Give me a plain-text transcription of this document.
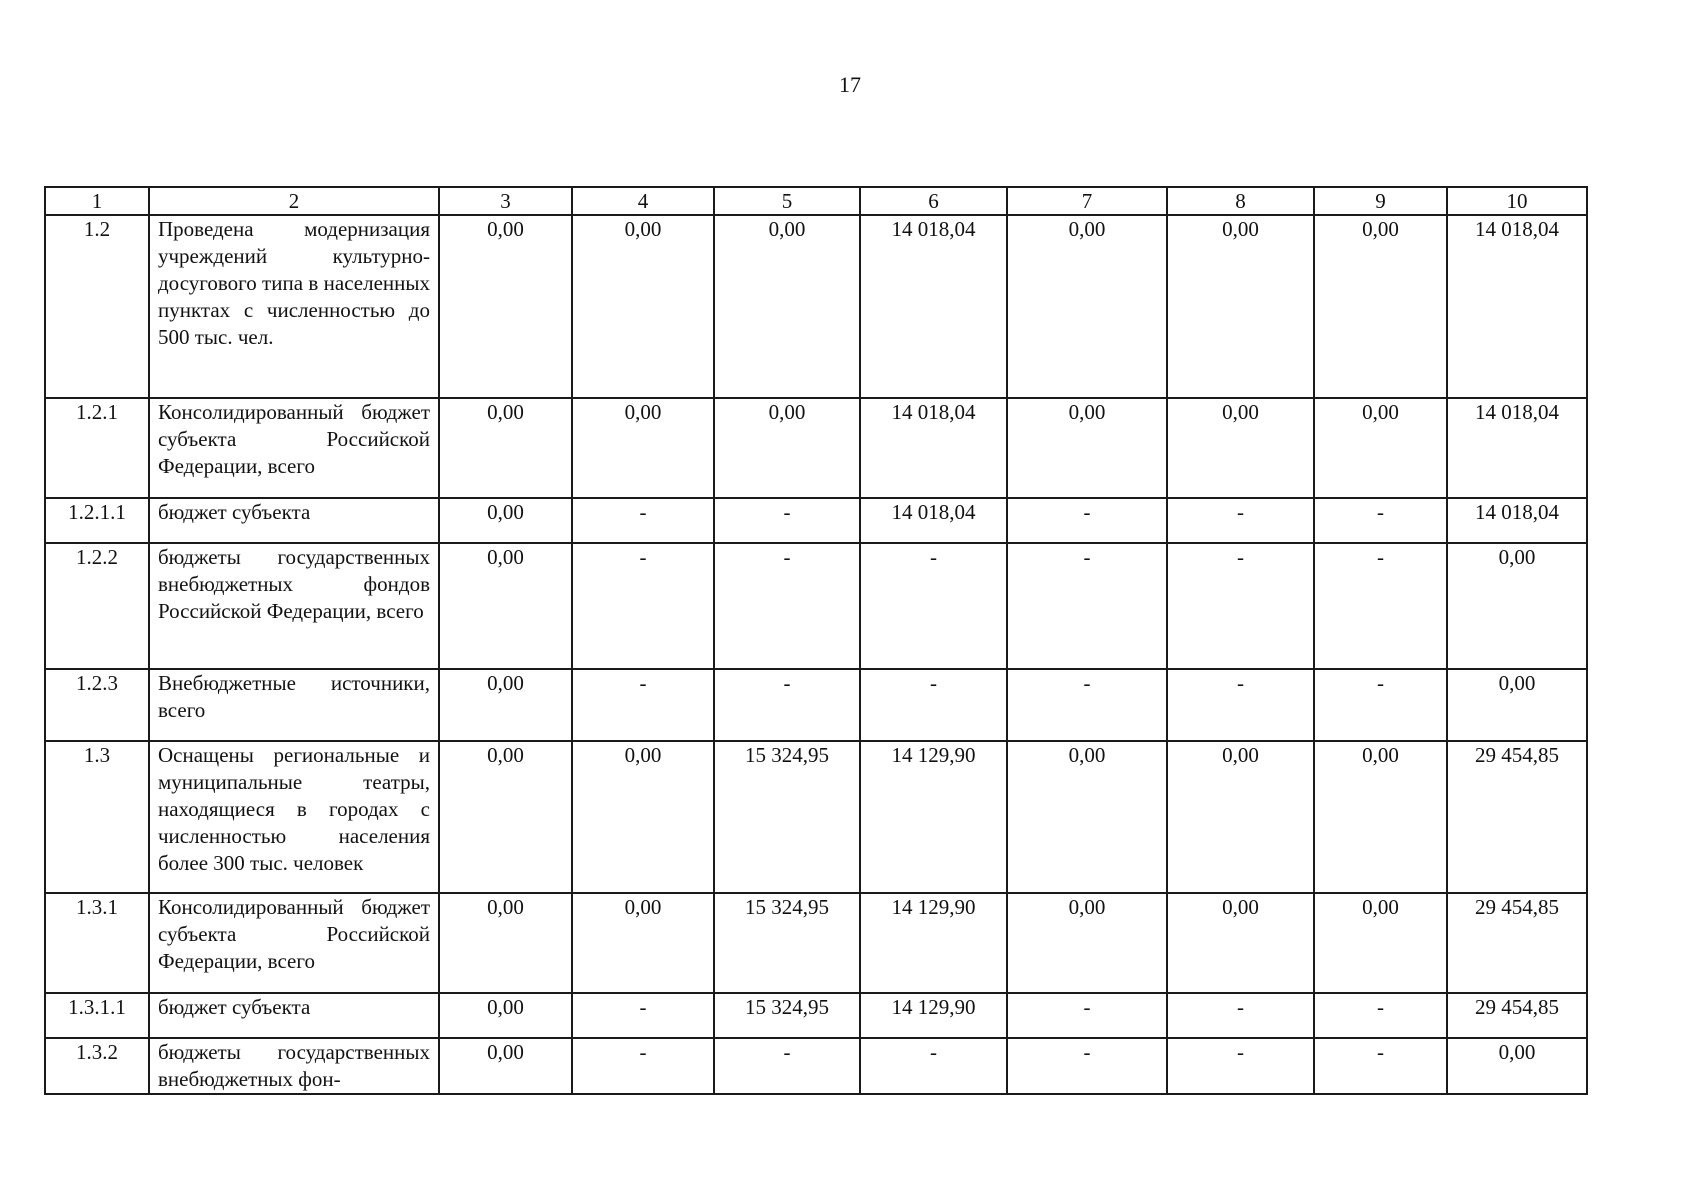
17
1	2	3	4	5	6	7	8	9	10
1.2	Проведена модернизация учреждений культурно-досугового типа в населенных пунктах с численностью до 500 тыс. чел.	0,00	0,00	0,00	14 018,04	0,00	0,00	0,00	14 018,04
1.2.1	Консолидированный бюджет субъекта Российской Федерации, всего	0,00	0,00	0,00	14 018,04	0,00	0,00	0,00	14 018,04
1.2.1.1	бюджет субъекта	0,00	-	-	14 018,04	-	-	-	14 018,04
1.2.2	бюджеты государственных внебюджетных фондов Российской Федерации, всего	0,00	-	-	-	-	-	-	0,00
1.2.3	Внебюджетные источники, всего	0,00	-	-	-	-	-	-	0,00
1.3	Оснащены региональные и муниципальные театры, находящиеся в городах с численностью населения более 300 тыс. человек	0,00	0,00	15 324,95	14 129,90	0,00	0,00	0,00	29 454,85
1.3.1	Консолидированный бюджет субъекта Российской Федерации, всего	0,00	0,00	15 324,95	14 129,90	0,00	0,00	0,00	29 454,85
1.3.1.1	бюджет субъекта	0,00	-	15 324,95	14 129,90	-	-	-	29 454,85
1.3.2	бюджеты государственных внебюджетных фон-	0,00	-	-	-	-	-	-	0,00
